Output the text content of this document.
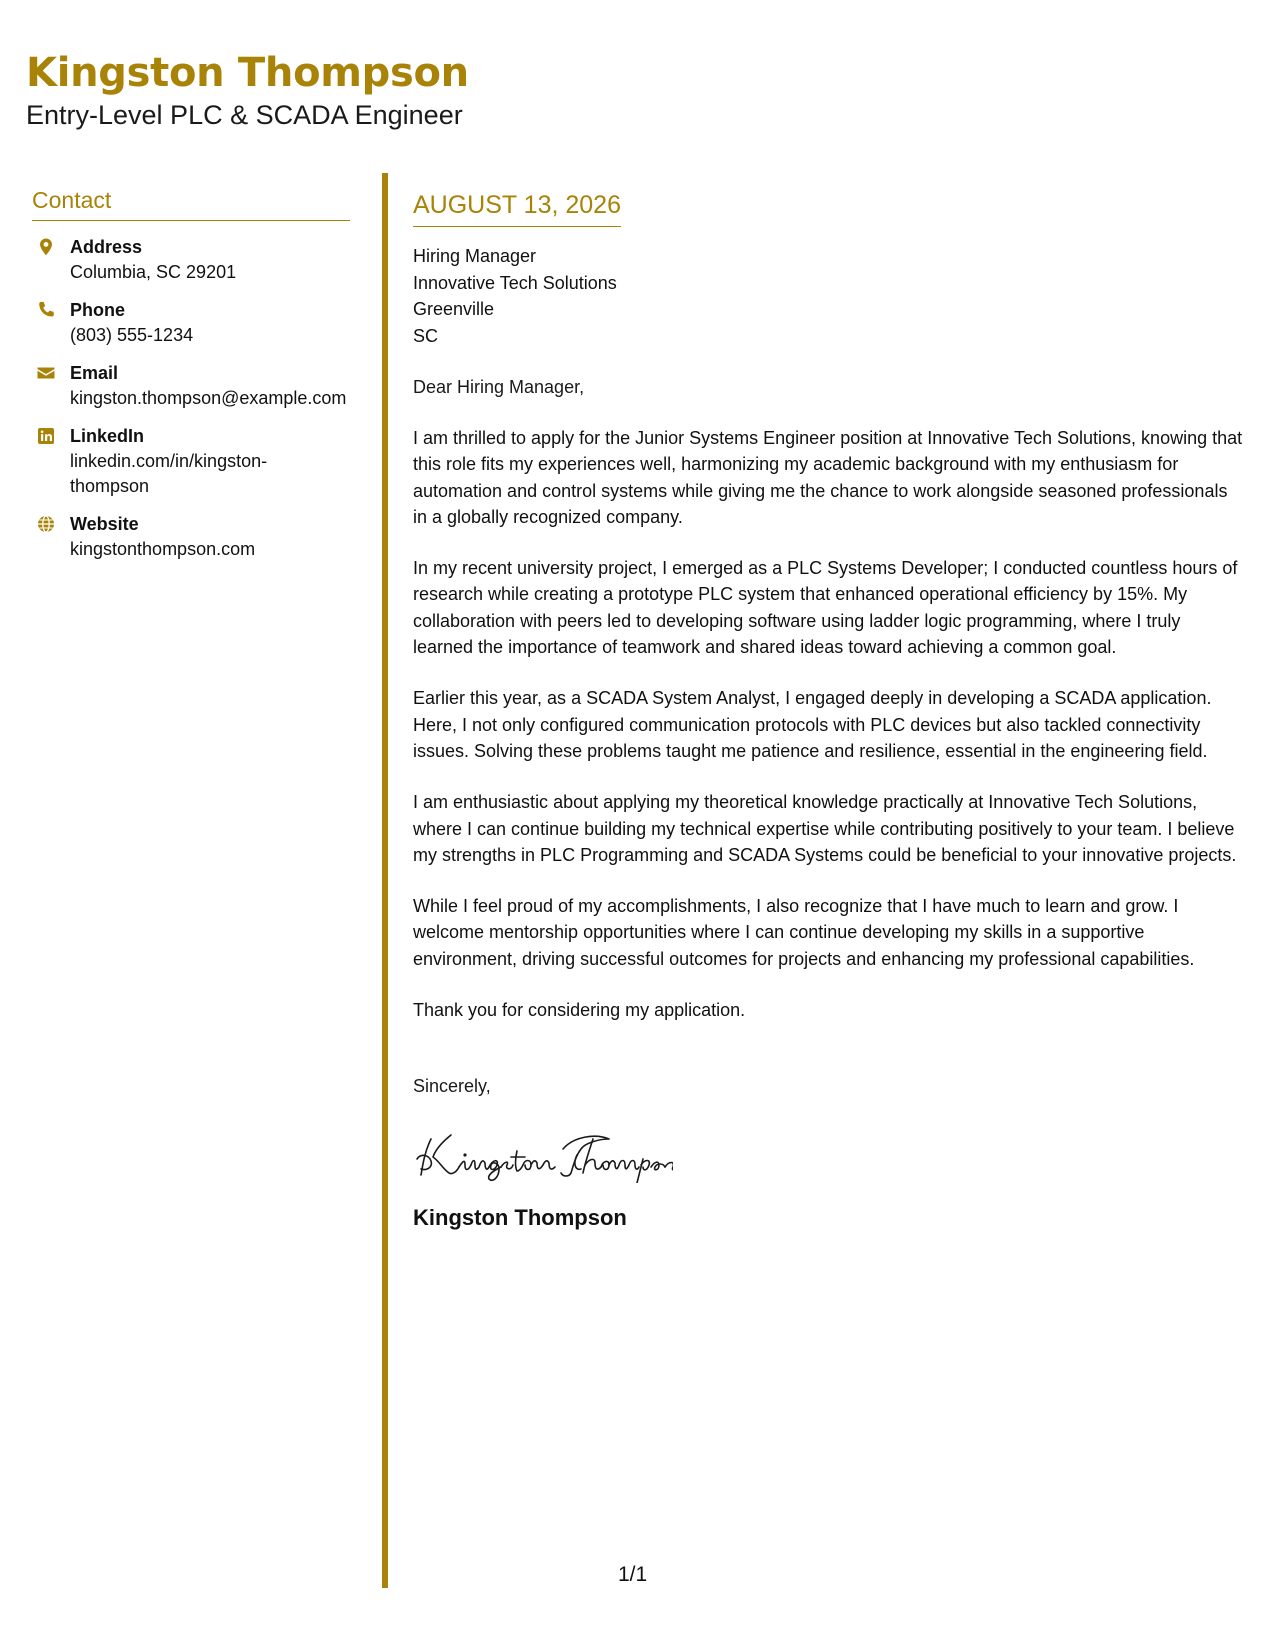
Kingston Thompson
Entry-Level PLC & SCADA Engineer
Contact
Address
Columbia, SC 29201
Phone
(803) 555-1234
Email
kingston.thompson@example.com
LinkedIn
linkedin.com/in/kingston-thompson
Website
kingstonthompson.com
AUGUST 13, 2026
Hiring Manager
Innovative Tech Solutions
Greenville
SC
Dear Hiring Manager,
I am thrilled to apply for the Junior Systems Engineer position at Innovative Tech Solutions, knowing that this role fits my experiences well, harmonizing my academic background with my enthusiasm for automation and control systems while giving me the chance to work alongside seasoned professionals in a globally recognized company.
In my recent university project, I emerged as a PLC Systems Developer; I conducted countless hours of research while creating a prototype PLC system that enhanced operational efficiency by 15%. My collaboration with peers led to developing software using ladder logic programming, where I truly learned the importance of teamwork and shared ideas toward achieving a common goal.
Earlier this year, as a SCADA System Analyst, I engaged deeply in developing a SCADA application. Here, I not only configured communication protocols with PLC devices but also tackled connectivity issues. Solving these problems taught me patience and resilience, essential in the engineering field.
I am enthusiastic about applying my theoretical knowledge practically at Innovative Tech Solutions, where I can continue building my technical expertise while contributing positively to your team. I believe my strengths in PLC Programming and SCADA Systems could be beneficial to your innovative projects.
While I feel proud of my accomplishments, I also recognize that I have much to learn and grow. I welcome mentorship opportunities where I can continue developing my skills in a supportive environment, driving successful outcomes for projects and enhancing my professional capabilities.
Thank you for considering my application.
Sincerely,
Kingston Thompson
1/1
